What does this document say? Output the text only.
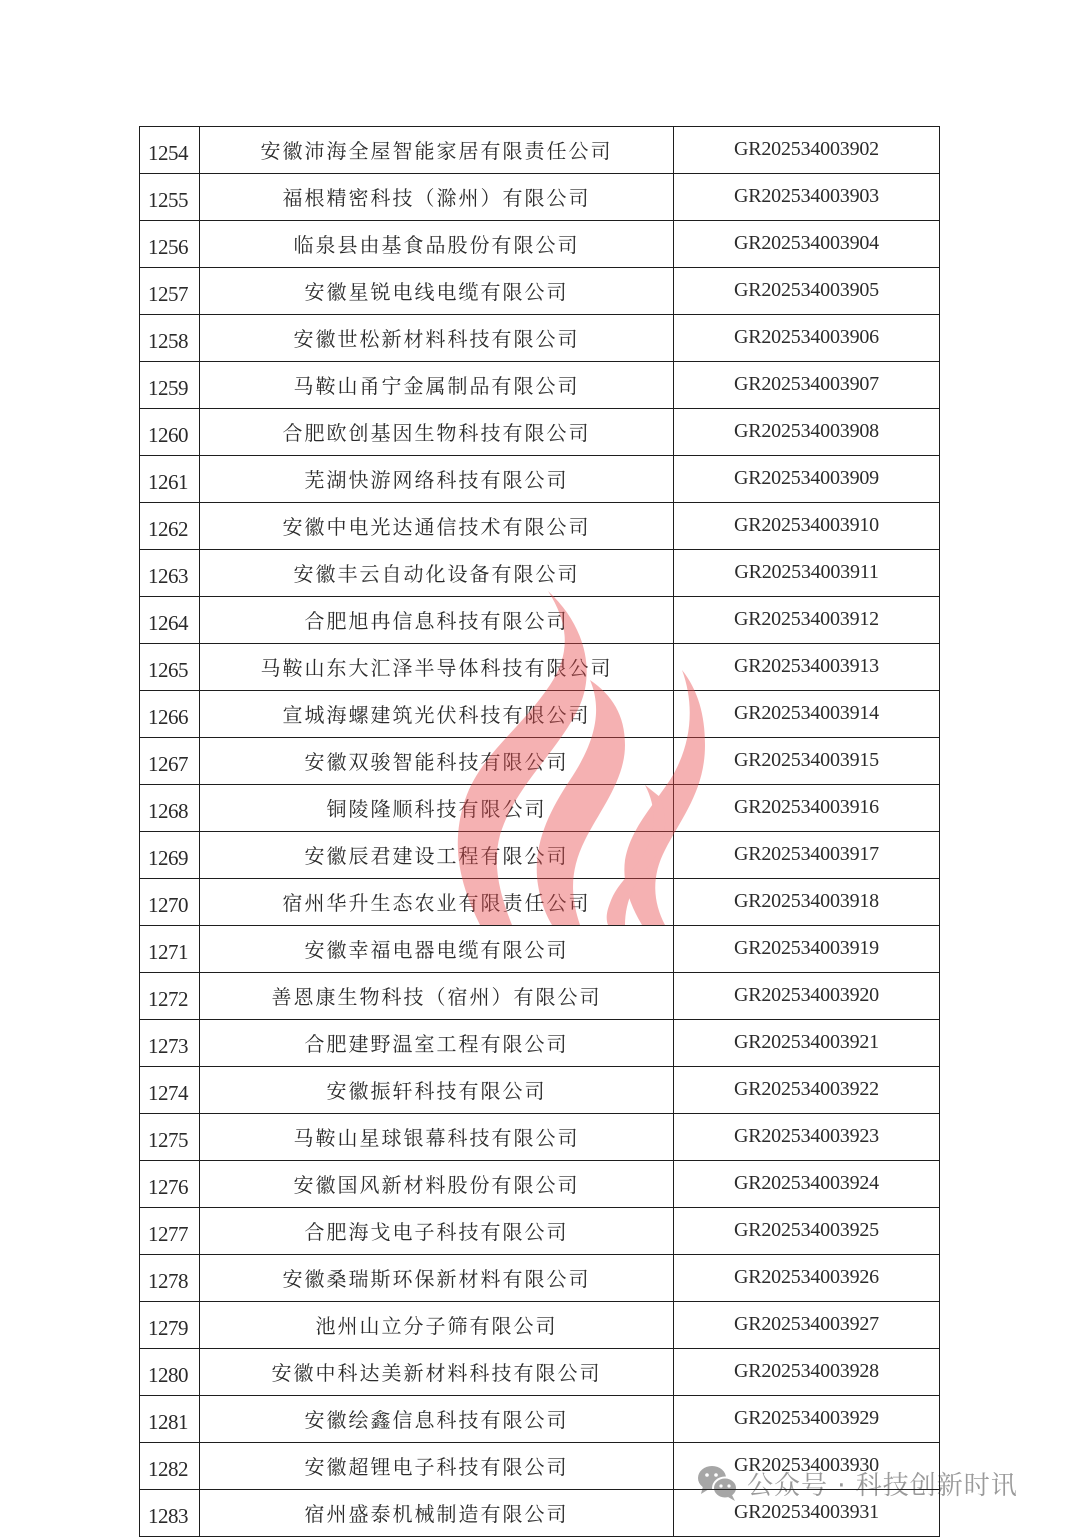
1254	安徽沛海全屋智能家居有限责任公司	GR202534003902
1255	福根精密科技（滁州）有限公司	GR202534003903
1256	临泉县由基食品股份有限公司	GR202534003904
1257	安徽星锐电线电缆有限公司	GR202534003905
1258	安徽世松新材料科技有限公司	GR202534003906
1259	马鞍山甬宁金属制品有限公司	GR202534003907
1260	合肥欧创基因生物科技有限公司	GR202534003908
1261	芜湖快游网络科技有限公司	GR202534003909
1262	安徽中电光达通信技术有限公司	GR202534003910
1263	安徽丰云自动化设备有限公司	GR202534003911
1264	合肥旭冉信息科技有限公司	GR202534003912
1265	马鞍山东大汇泽半导体科技有限公司	GR202534003913
1266	宣城海螺建筑光伏科技有限公司	GR202534003914
1267	安徽双骏智能科技有限公司	GR202534003915
1268	铜陵隆顺科技有限公司	GR202534003916
1269	安徽辰君建设工程有限公司	GR202534003917
1270	宿州华升生态农业有限责任公司	GR202534003918
1271	安徽幸福电器电缆有限公司	GR202534003919
1272	善恩康生物科技（宿州）有限公司	GR202534003920
1273	合肥建野温室工程有限公司	GR202534003921
1274	安徽振轩科技有限公司	GR202534003922
1275	马鞍山星球银幕科技有限公司	GR202534003923
1276	安徽国风新材料股份有限公司	GR202534003924
1277	合肥海戈电子科技有限公司	GR202534003925
1278	安徽桑瑞斯环保新材料有限公司	GR202534003926
1279	池州山立分子筛有限公司	GR202534003927
1280	安徽中科达美新材料科技有限公司	GR202534003928
1281	安徽绘鑫信息科技有限公司	GR202534003929
1282	安徽超锂电子科技有限公司	GR202534003930
1283	宿州盛泰机械制造有限公司	GR202534003931
公众号 · 科技创新时讯
